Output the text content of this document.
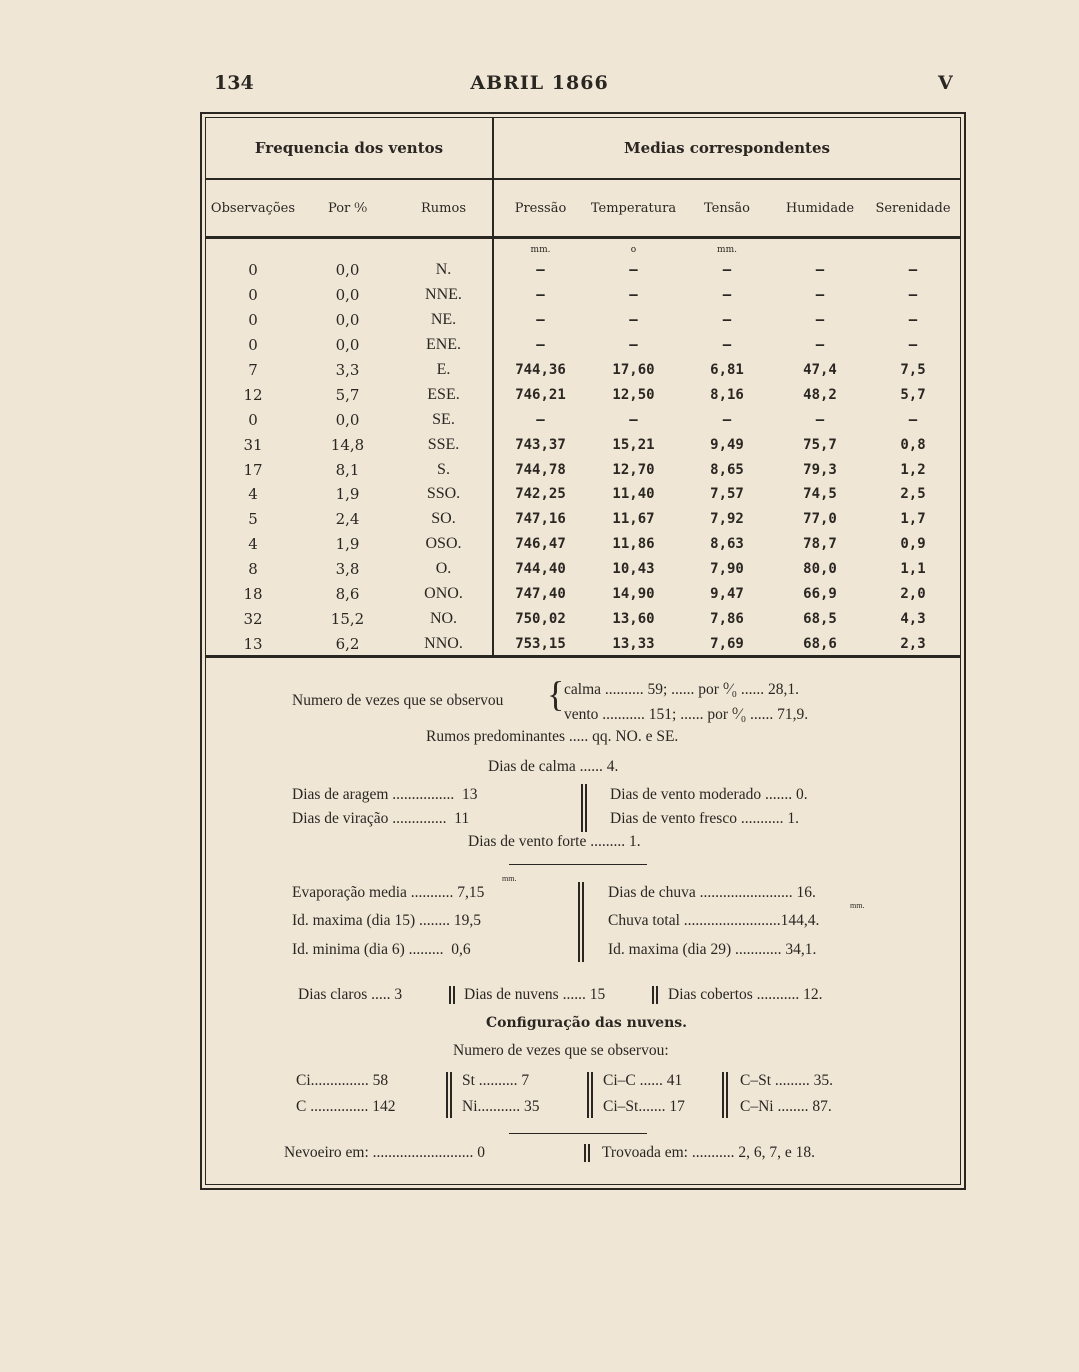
134	ABRIL 1866	V
Frequencia dos ventos			Medias correspondentes				
Observações	Por ⁰⁄₀	Rumos	Pressão	Temperatura	Tensão	Humidade	Serenidade
			mm.	o	mm.		
0	0,0	N.	—	—	—	—	—
0	0,0	NNE.	—	—	—	—	—
0	0,0	NE.	—	—	—	—	—
0	0,0	ENE.	—	—	—	—	—
7	3,3	E.	744,36	17,60	6,81	47,4	7,5
12	5,7	ESE.	746,21	12,50	8,16	48,2	5,7
0	0,0	SE.	—	—	—	—	—
31	14,8	SSE.	743,37	15,21	9,49	75,7	0,8
17	8,1	S.	744,78	12,70	8,65	79,3	1,2
4	1,9	SSO.	742,25	11,40	7,57	74,5	2,5
5	2,4	SO.	747,16	11,67	7,92	77,0	1,7
4	1,9	OSO.	746,47	11,86	8,63	78,7	0,9
8	3,8	O.	744,40	10,43	7,90	80,0	1,1
18	8,6	ONO.	747,40	14,90	9,47	66,9	2,0
32	15,2	NO.	750,02	13,60	7,86	68,5	4,3
13	6,2	NNO.	753,15	13,33	7,69	68,6	2,3
Numero de vezes que se observou { calma .......... 59; ...... por ⁰⁄₀ ...... 28,1.
vento ........... 151; ...... por ⁰⁄₀ ...... 71,9.
Rumos predominantes ..... qq. NO. e SE.
Dias de calma ...... 4.
Dias de aragem ................  13
Dias de viração ..............  11
Dias de vento moderado ....... 0.
Dias de vento fresco ........... 1.
Dias de vento forte ......... 1.
mm.
Evaporação media ........... 7,15
Id. maxima (dia 15) ........ 19,5
Id. minima (dia 6) .........  0,6
Dias de chuva ........................ 16.
mm.
Chuva total .........................144,4.
Id. maxima (dia 29) ............ 34,1.
Dias claros ..... 3	Dias de nuvens ...... 15	Dias cobertos ........... 12.
Configuração das nuvens.
Numero de vezes que se observou:
Ci............... 58
C ............... 142
St .......... 7
Ni........... 35
Ci–C ...... 41
Ci–St....... 17
C–St ......... 35.
C–Ni ........ 87.
Nevoeiro em: .......................... 0	Trovoada em: ........... 2, 6, 7, e 18.
